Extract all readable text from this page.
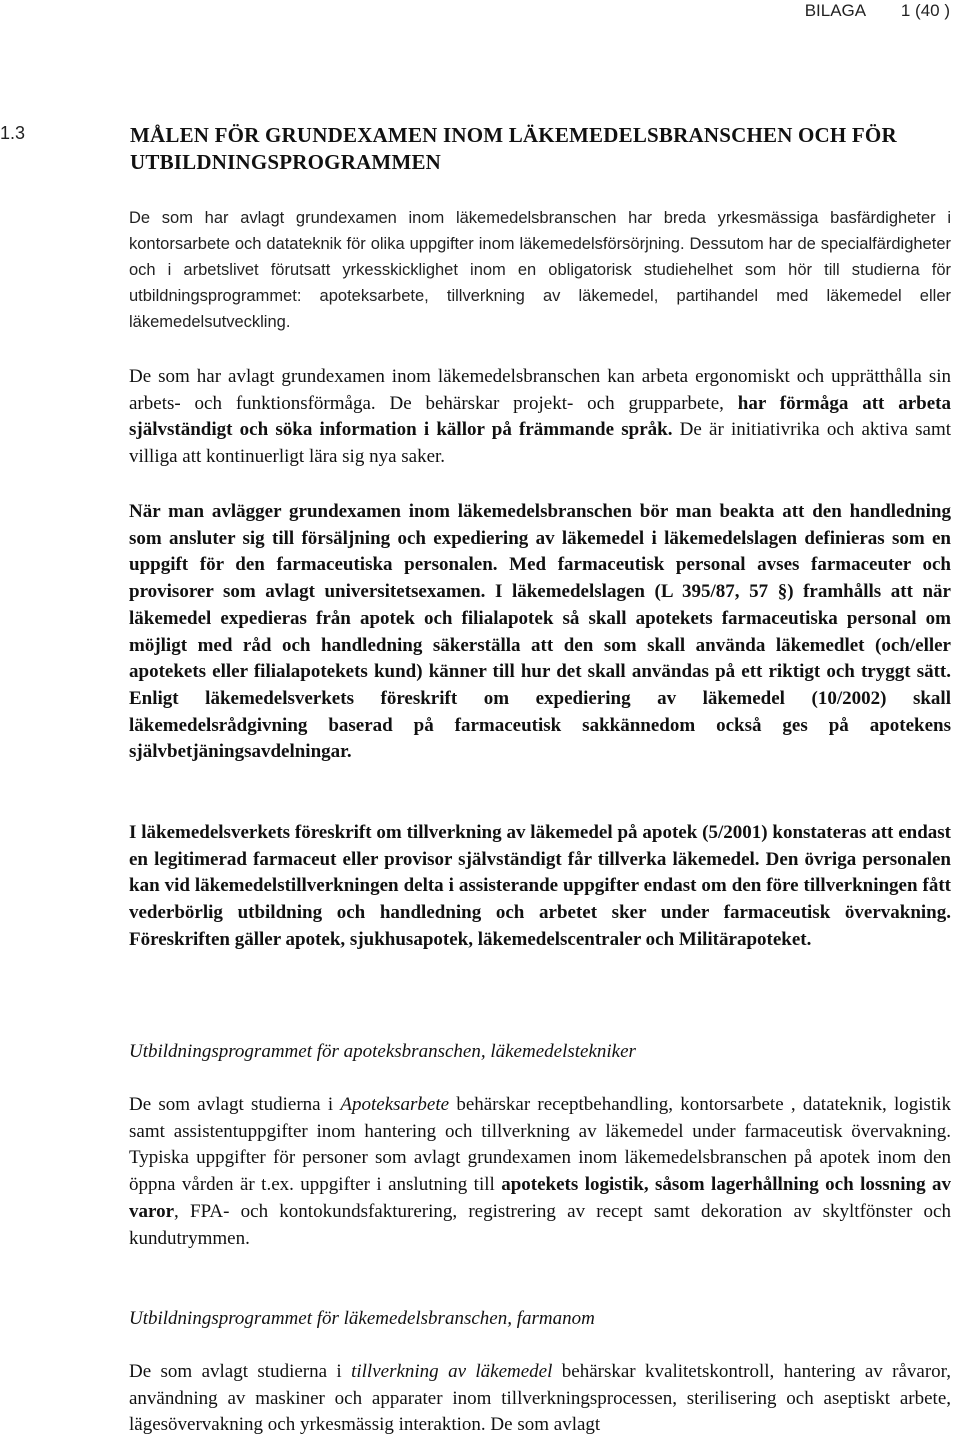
BILAGA 1 (40 )
1.3	MÅLEN FÖR GRUNDEXAMEN INOM LÄKEMEDELSBRANSCHEN OCH FÖR UTBILDNINGSPROGRAMMEN

De som har avlagt grundexamen inom läkemedelsbranschen har breda yrkesmässiga basfärdigheter i kontorsarbete och datateknik för olika uppgifter inom läkemedelsförsörjning. Dessutom har de specialfärdigheter och i arbetslivet förutsatt yrkesskicklighet inom en obligatorisk studiehelhet som hör till studierna för utbildningsprogrammet: apoteksarbete, tillverkning av läkemedel, partihandel med läkemedel eller läkemedelsutveckling.

De som har avlagt grundexamen inom läkemedelsbranschen kan arbeta ergonomiskt och upprätthålla sin arbets- och funktionsförmåga. De behärskar projekt- och grupparbete, har förmåga att arbeta självständigt och söka information i källor på främmande språk. De är initiativrika och aktiva samt villiga att kontinuerligt lära sig nya saker.

När man avlägger grundexamen inom läkemedelsbranschen bör man beakta att den handledning som ansluter sig till försäljning och expediering av läkemedel i läkemedelslagen definieras som en uppgift för den farmaceutiska personalen. Med farmaceutisk personal avses farmaceuter och provisorer som avlagt universitetsexamen. I läkemedelslagen (L 395/87, 57 §) framhålls att när läkemedel expedieras från apotek och filialapotek så skall apotekets farmaceutiska personal om möjligt med råd och handledning säkerställa att den som skall använda läkemedlet (och/eller apotekets eller filialapotekets kund) känner till hur det skall användas på ett riktigt och tryggt sätt. Enligt läkemedelsverkets föreskrift om expediering av läkemedel (10/2002) skall läkemedelsrådgivning baserad på farmaceutisk sakkännedom också ges på apotekens självbetjäningsavdelningar.

I läkemedelsverkets föreskrift om tillverkning av läkemedel på apotek (5/2001) konstateras att endast en legitimerad farmaceut eller provisor självständigt får tillverka läkemedel. Den övriga personalen kan vid läkemedelstillverkningen delta i assisterande uppgifter endast om den före tillverkningen fått vederbörlig utbildning och handledning och arbetet sker under farmaceutisk övervakning. Föreskriften gäller apotek, sjukhusapotek, läkemedelscentraler och Militärapoteket.

Utbildningsprogrammet för apoteksbranschen, läkemedelstekniker

De som avlagt studierna i Apoteksarbete behärskar receptbehandling, kontorsarbete , datateknik, logistik samt assistentuppgifter inom hantering och tillverkning av läkemedel under farmaceutisk övervakning. Typiska uppgifter för personer som avlagt grundexamen inom läkemedelsbranschen på apotek inom den öppna vården är t.ex. uppgifter i anslutning till apotekets logistik, såsom lagerhållning och lossning av varor, FPA- och kontokundsfakturering, registrering av recept samt dekoration av skyltfönster och kundutrymmen.

Utbildningsprogrammet för läkemedelsbranschen, farmanom

De som avlagt studierna i tillverkning av läkemedel behärskar kvalitetskontroll, hantering av råvaror, användning av maskiner och apparater inom tillverkningsprocessen, sterilisering och aseptiskt arbete, lägesövervakning och yrkesmässig interaktion. De som avlagt
